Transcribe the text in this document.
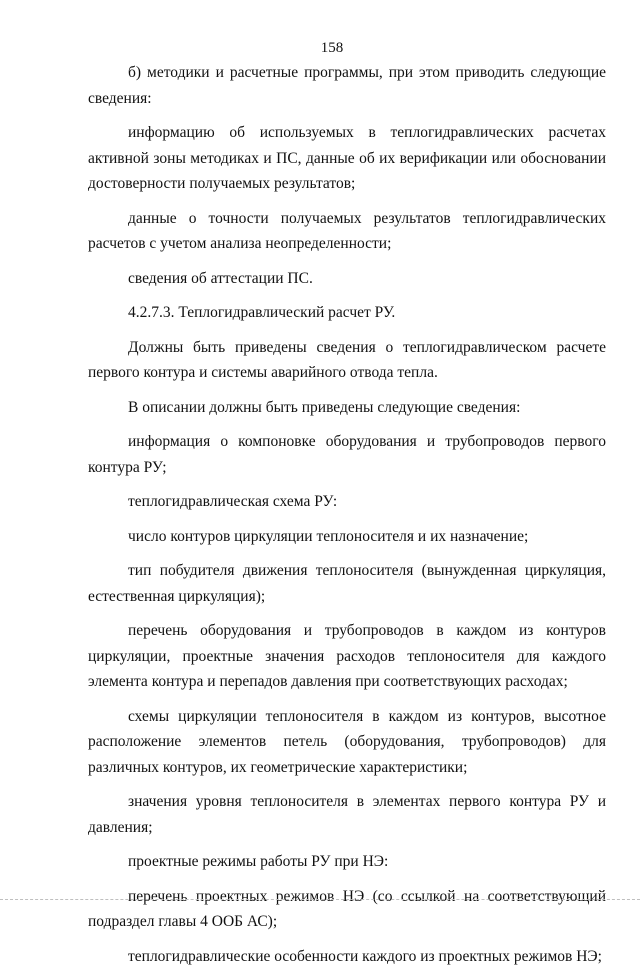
158

б) методики и расчетные программы, при этом приводить следующие сведения:

информацию об используемых в теплогидравлических расчетах активной зоны методиках и ПС, данные об их верификации или обосновании достоверности получаемых результатов;

данные о точности получаемых результатов теплогидравлических расчетов с учетом анализа неопределенности;

сведения об аттестации ПС.

4.2.7.3. Теплогидравлический расчет РУ.

Должны быть приведены сведения о теплогидравлическом расчете первого контура и системы аварийного отвода тепла.

В описании должны быть приведены следующие сведения:

информация о компоновке оборудования и трубопроводов первого контура РУ;

теплогидравлическая схема РУ:

число контуров циркуляции теплоносителя и их назначение;

тип побудителя движения теплоносителя (вынужденная циркуляция, естественная циркуляция);

перечень оборудования и трубопроводов в каждом из контуров циркуляции, проектные значения расходов теплоносителя для каждого элемента контура и перепадов давления при соответствующих расходах;

схемы циркуляции теплоносителя в каждом из контуров, высотное расположение элементов петель (оборудования, трубопроводов) для различных контуров, их геометрические характеристики;

значения уровня теплоносителя в элементах первого контура РУ и давления;

проектные режимы работы РУ при НЭ:

перечень проектных режимов НЭ (со ссылкой на соответствующий подраздел главы 4 ООБ АС);

теплогидравлические особенности каждого из проектных режимов НЭ;
